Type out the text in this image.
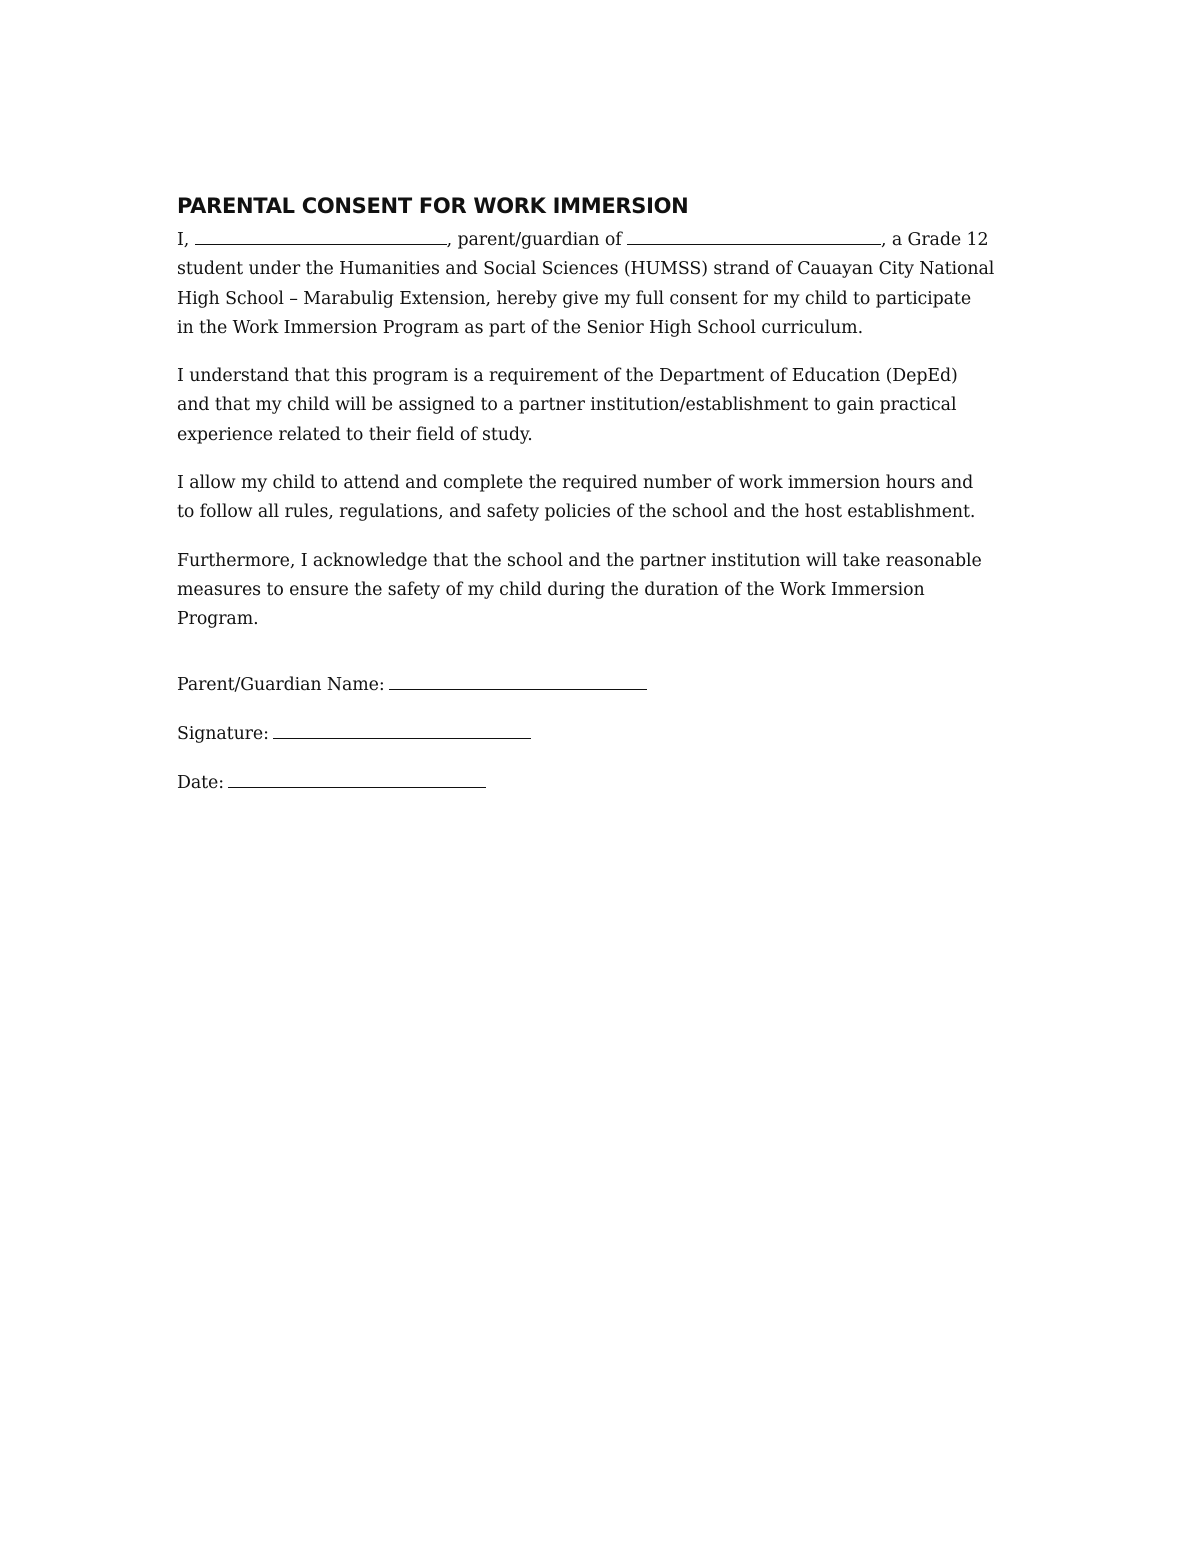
PARENTAL CONSENT FOR WORK IMMERSION
I,	, parent/guardian of	, a Grade 12
student under the Humanities and Social Sciences (HUMSS) strand of Cauayan City National
High School – Marabulig Extension, hereby give my full consent for my child to participate
in the Work Immersion Program as part of the Senior High School curriculum.
I understand that this program is a requirement of the Department of Education (DepEd)
and that my child will be assigned to a partner institution/establishment to gain practical
experience related to their field of study.
I allow my child to attend and complete the required number of work immersion hours and
to follow all rules, regulations, and safety policies of the school and the host establishment.
Furthermore, I acknowledge that the school and the partner institution will take reasonable
measures to ensure the safety of my child during the duration of the Work Immersion
Program.
Parent/Guardian Name:
Signature:
Date:
